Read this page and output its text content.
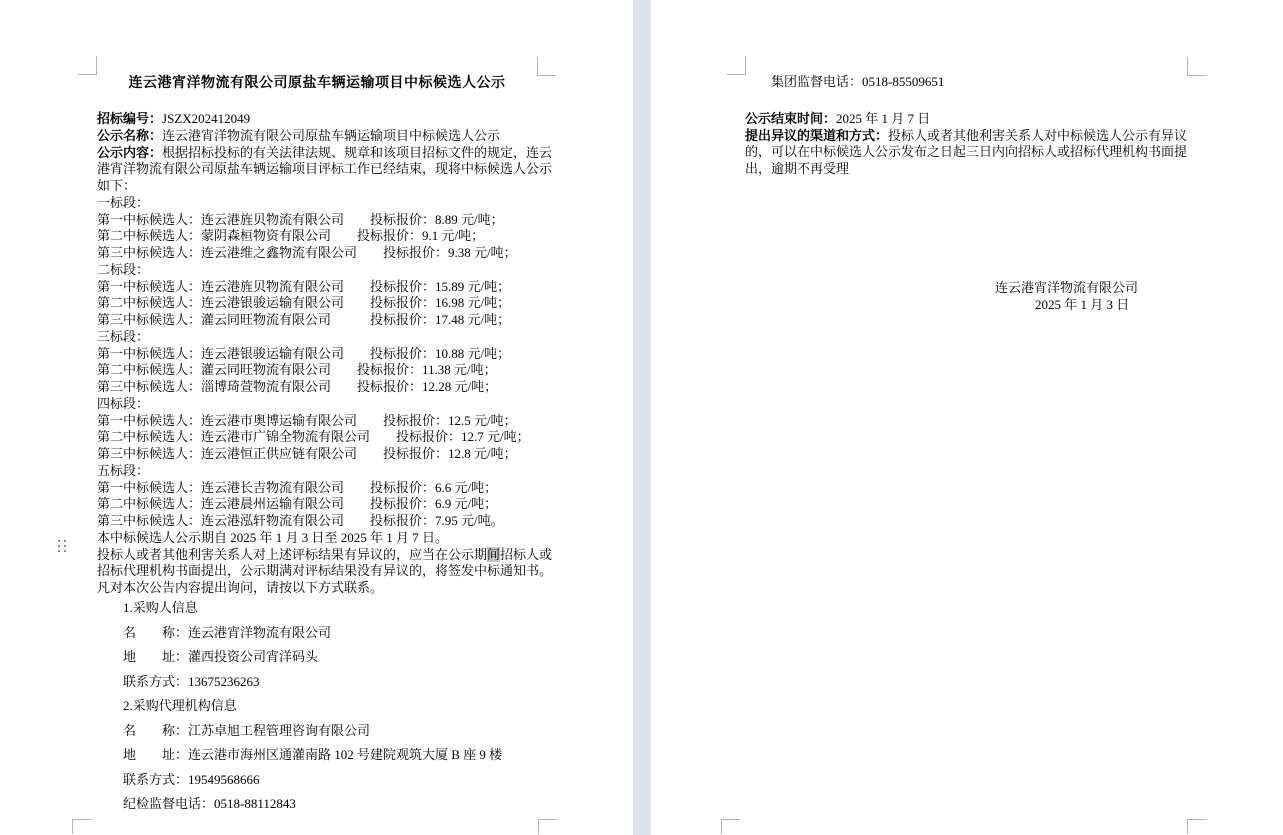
连云港宵洋物流有限公司原盐车辆运输项目中标候选人公示
招标编号：JSZX202412049
公示名称：连云港宵洋物流有限公司原盐车辆运输项目中标候选人公示
公示内容：根据招标投标的有关法律法规、规章和该项目招标文件的规定，连云
港宵洋物流有限公司原盐车辆运输项目评标工作已经结束，现将中标候选人公示
如下：
一标段：
第一中标候选人：连云港旌贝物流有限公司　　投标报价：8.89 元/吨；
第二中标候选人：蒙阴森桓物资有限公司　　投标报价：9.1 元/吨；
第三中标候选人：连云港维之鑫物流有限公司　　投标报价：9.38 元/吨；
二标段：
第一中标候选人：连云港旌贝物流有限公司　　投标报价：15.89 元/吨；
第二中标候选人：连云港银骏运输有限公司　　投标报价：16.98 元/吨；
第三中标候选人：灌云同旺物流有限公司　　　投标报价：17.48 元/吨；
三标段：
第一中标候选人：连云港银骏运输有限公司　　投标报价：10.88 元/吨；
第二中标候选人：灌云同旺物流有限公司　　投标报价：11.38 元/吨；
第三中标候选人：淄博琦萱物流有限公司　　投标报价：12.28 元/吨；
四标段：
第一中标候选人：连云港市奥博运输有限公司　　投标报价：12.5 元/吨；
第二中标候选人：连云港市广锦全物流有限公司　　投标报价：12.7 元/吨；
第三中标候选人：连云港恒正供应链有限公司　　投标报价：12.8 元/吨；
五标段：
第一中标候选人：连云港长吉物流有限公司　　投标报价：6.6 元/吨；
第二中标候选人：连云港晨州运输有限公司　　投标报价：6.9 元/吨；
第三中标候选人：连云港泓轩物流有限公司　　投标报价：7.95 元/吨。
本中标候选人公示期自 2025 年 1 月 3 日至 2025 年 1 月 7 日。
投标人或者其他利害关系人对上述评标结果有异议的，应当在公示期间招标人或
招标代理机构书面提出，公示期满对评标结果没有异议的，将签发中标通知书。
凡对本次公告内容提出询问，请按以下方式联系。
1.采购人信息
名　　称：连云港宵洋物流有限公司
地　　址：灌西投资公司宵洋码头
联系方式：13675236263
2.采购代理机构信息
名　　称：江苏卓旭工程管理咨询有限公司
地　　址：连云港市海州区通灌南路 102 号建院观筑大厦 B 座 9 楼
联系方式：19549568666
纪检监督电话：0518-88112843
集团监督电话：0518-85509651
公示结束时间：2025 年 1 月 7 日
提出异议的渠道和方式：投标人或者其他利害关系人对中标候选人公示有异议
的，可以在中标候选人公示发布之日起三日内向招标人或招标代理机构书面提
出，逾期不再受理
连云港宵洋物流有限公司
2025 年 1 月 3 日
